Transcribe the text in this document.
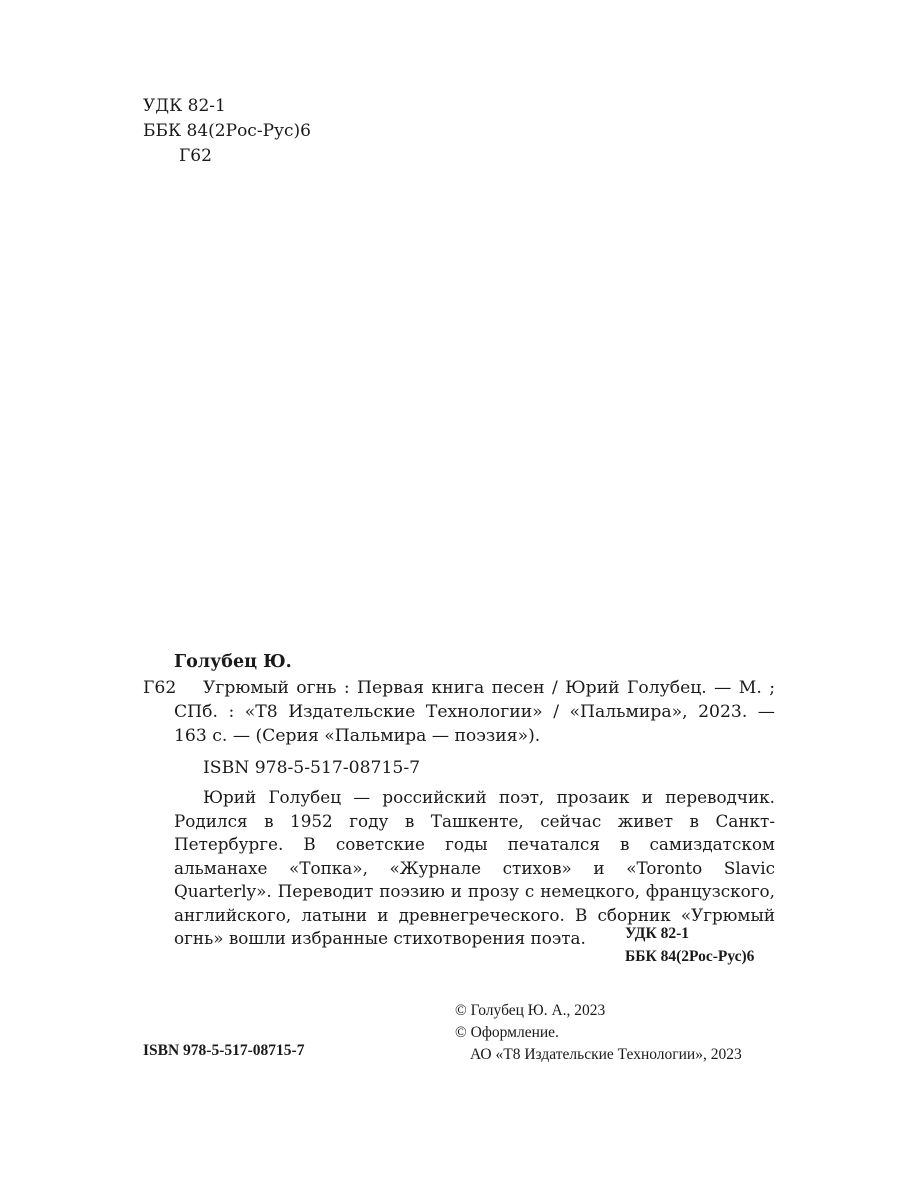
УДК 82-1
ББК 84(2Рос-Рус)6
Г62
Голубец Ю.
Г62	Угрюмый огнь : Первая книга песен / Юрий Голубец. — М. ;
СПб. : «Т8 Издательские Технологии» / «Пальмира», 2023. —
163 с. — (Серия «Пальмира — поэзия»).
ISBN 978-5-517-08715-7
Юрий Голубец — российский поэт, прозаик и переводчик. Родился в 1952 году в Ташкенте, сейчас живет в Санкт-Петербурге. В советские годы печатался в самиздатском альманахе «Топка», «Журнале стихов» и «Toronto Slavic Quarterly». Переводит поэзию и прозу с немецкого, французского, английского, латыни и древнегреческого. В сборник «Угрюмый огнь» вошли избранные стихотворения поэта.	УДК 82-1
ББК 84(2Рос-Рус)6
© Голубец Ю. А., 2023
© Оформление.
АО «Т8 Издательские Технологии», 2023
ISBN 978-5-517-08715-7
